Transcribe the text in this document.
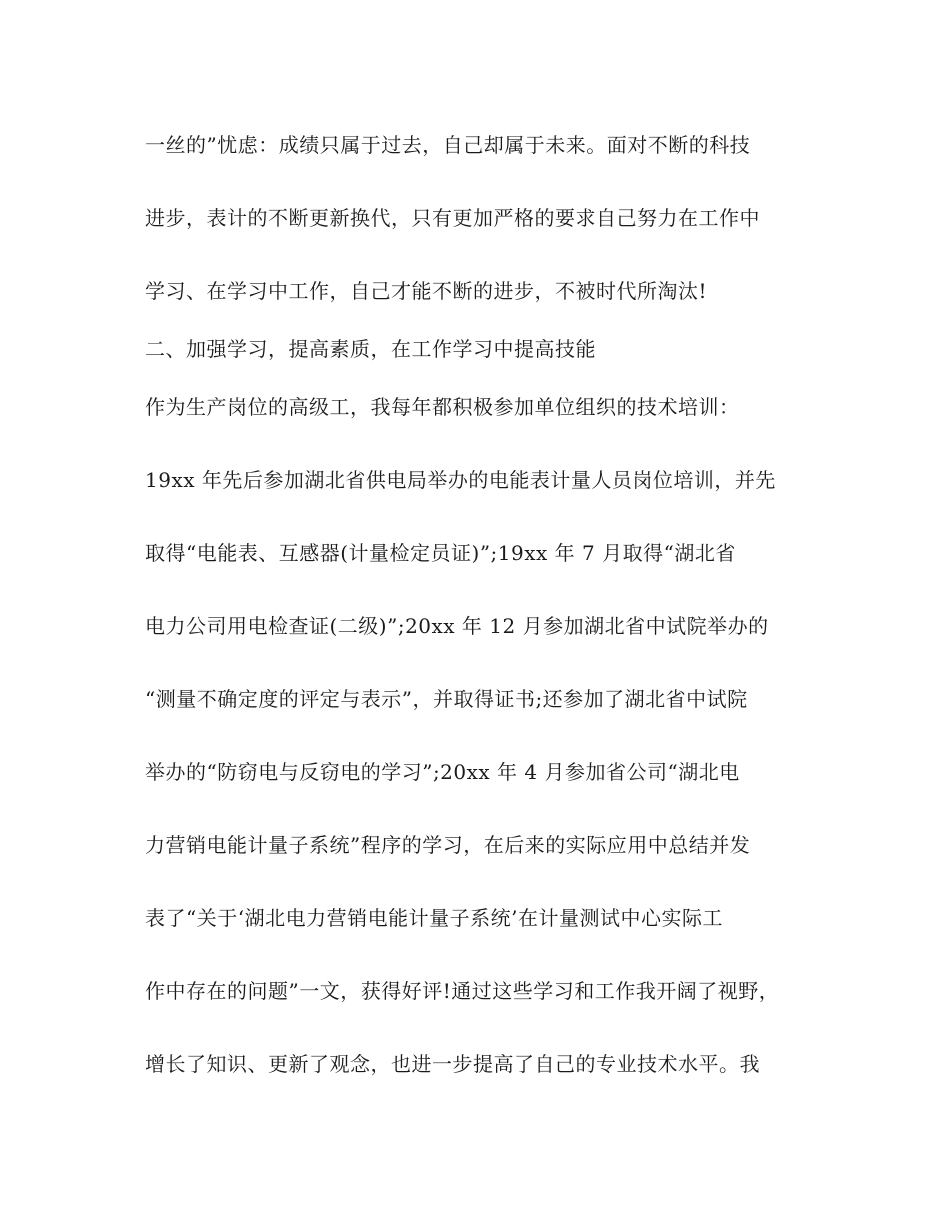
一丝的”忧虑：成绩只属于过去，自己却属于未来。面对不断的科技
进步，表计的不断更新换代，只有更加严格的要求自己努力在工作中
学习、在学习中工作，自己才能不断的进步，不被时代所淘汰!
二、加强学习，提高素质，在工作学习中提高技能
作为生产岗位的高级工，我每年都积极参加单位组织的技术培训：
19xx 年先后参加湖北省供电局举办的电能表计量人员岗位培训，并先
取得“电能表、互感器(计量检定员证)”;19xx 年 7 月取得“湖北省
电力公司用电检查证(二级)”;20xx 年 12 月参加湖北省中试院举办的
“测量不确定度的评定与表示”，并取得证书;还参加了湖北省中试院
举办的“防窃电与反窃电的学习”;20xx 年 4 月参加省公司“湖北电
力营销电能计量子系统”程序的学习，在后来的实际应用中总结并发
表了“关于‘湖北电力营销电能计量子系统’在计量测试中心实际工
作中存在的问题”一文，获得好评!通过这些学习和工作我开阔了视野，
增长了知识、更新了观念，也进一步提高了自己的专业技术水平。我
